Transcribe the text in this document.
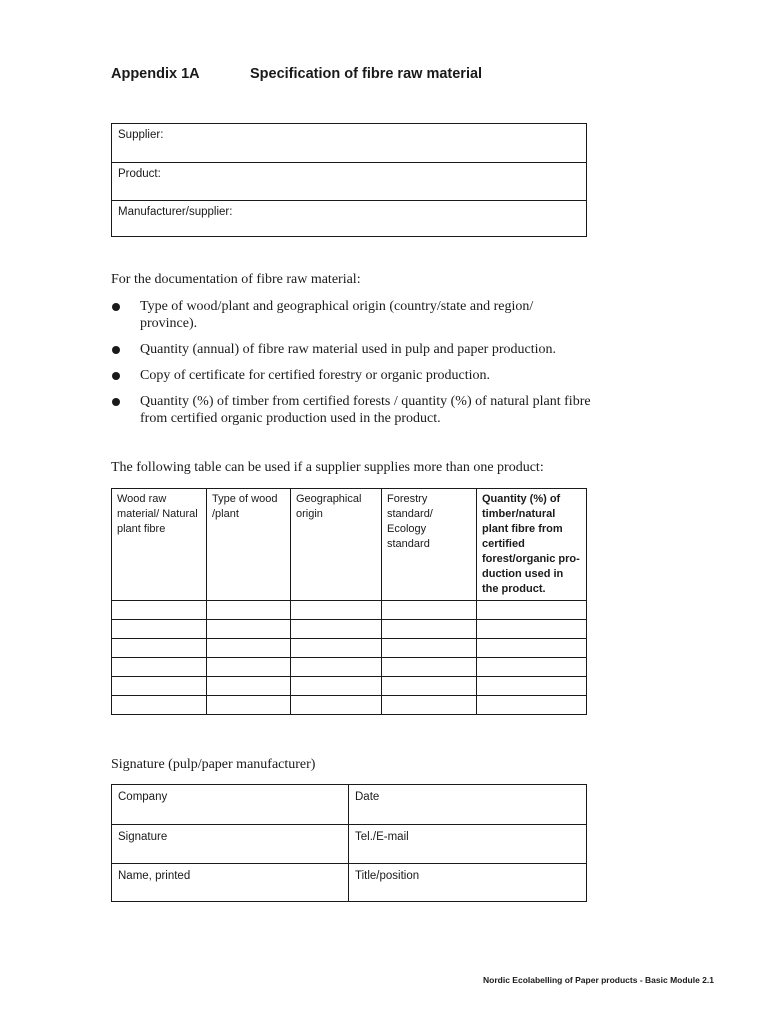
Appendix 1A	Specification of fibre raw material
Supplier:
Product:
Manufacturer/supplier:
For the documentation of fibre raw material:
Type of wood/plant and geographical origin (country/state and region/ province).
Quantity (annual) of fibre raw material used in pulp and paper production.
Copy of certificate for certified forestry or organic production.
Quantity (%) of timber from certified forests / quantity (%) of natural plant fibre from certified organic production used in the product.
The following table can be used if a supplier supplies more than one product:
Wood raw material/ Natural plant fibre	Type of wood /plant	Geographical origin	Forestry standard/ Ecology standard	Quantity (%) of timber/natural plant fibre from certified forest/organic pro-duction used in the product.

Signature (pulp/paper manufacturer)
Company	Date
Signature	Tel./E-mail
Name, printed	Title/position
Nordic Ecolabelling of Paper products - Basic Module 2.1
